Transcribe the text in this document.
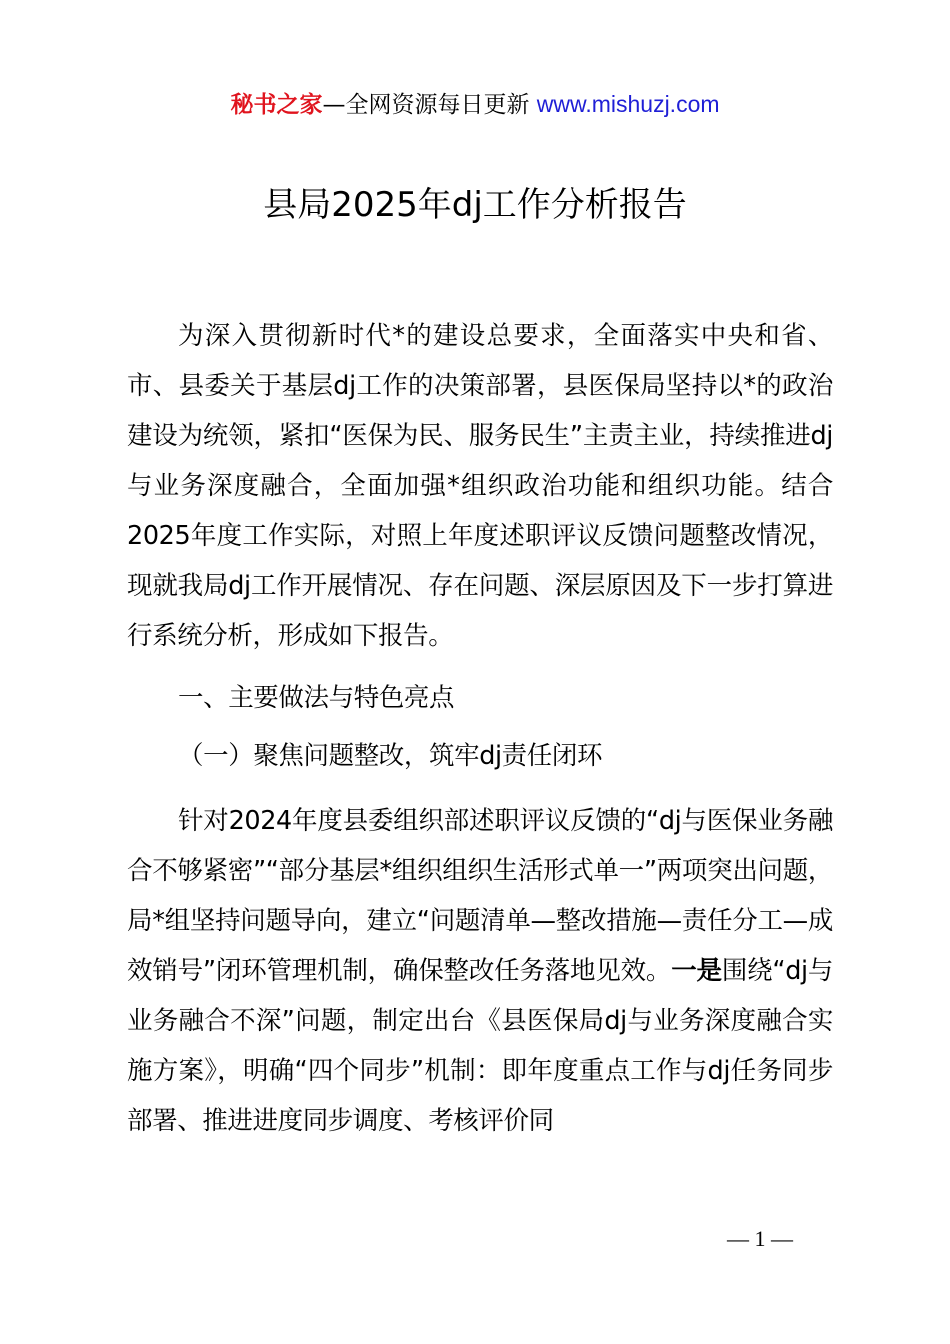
秘书之家—全网资源每日更新 www.mishuzj.com
县局2025年dj工作分析报告

为深入贯彻新时代*的建设总要求，全面落实中央和省、市、县委关于基层dj工作的决策部署，县医保局坚持以*的政治建设为统领，紧扣“医保为民、服务民生”主责主业，持续推进dj与业务深度融合，全面加强*组织政治功能和组织功能。结合2025年度工作实际，对照上年度述职评议反馈问题整改情况，现就我局dj工作开展情况、存在问题、深层原因及下一步打算进行系统分析，形成如下报告。

一、主要做法与特色亮点

（一）聚焦问题整改，筑牢dj责任闭环

针对2024年度县委组织部述职评议反馈的“dj与医保业务融合不够紧密”“部分基层*组织组织生活形式单一”两项突出问题，局*组坚持问题导向，建立“问题清单—整改措施—责任分工—成效销号”闭环管理机制，确保整改任务落地见效。一是围绕“dj与业务融合不深”问题，制定出台《县医保局dj与业务深度融合实施方案》，明确“四个同步”机制：即年度重点工作与dj任务同步部署、推进进度同步调度、考核评价同

— 1 —
